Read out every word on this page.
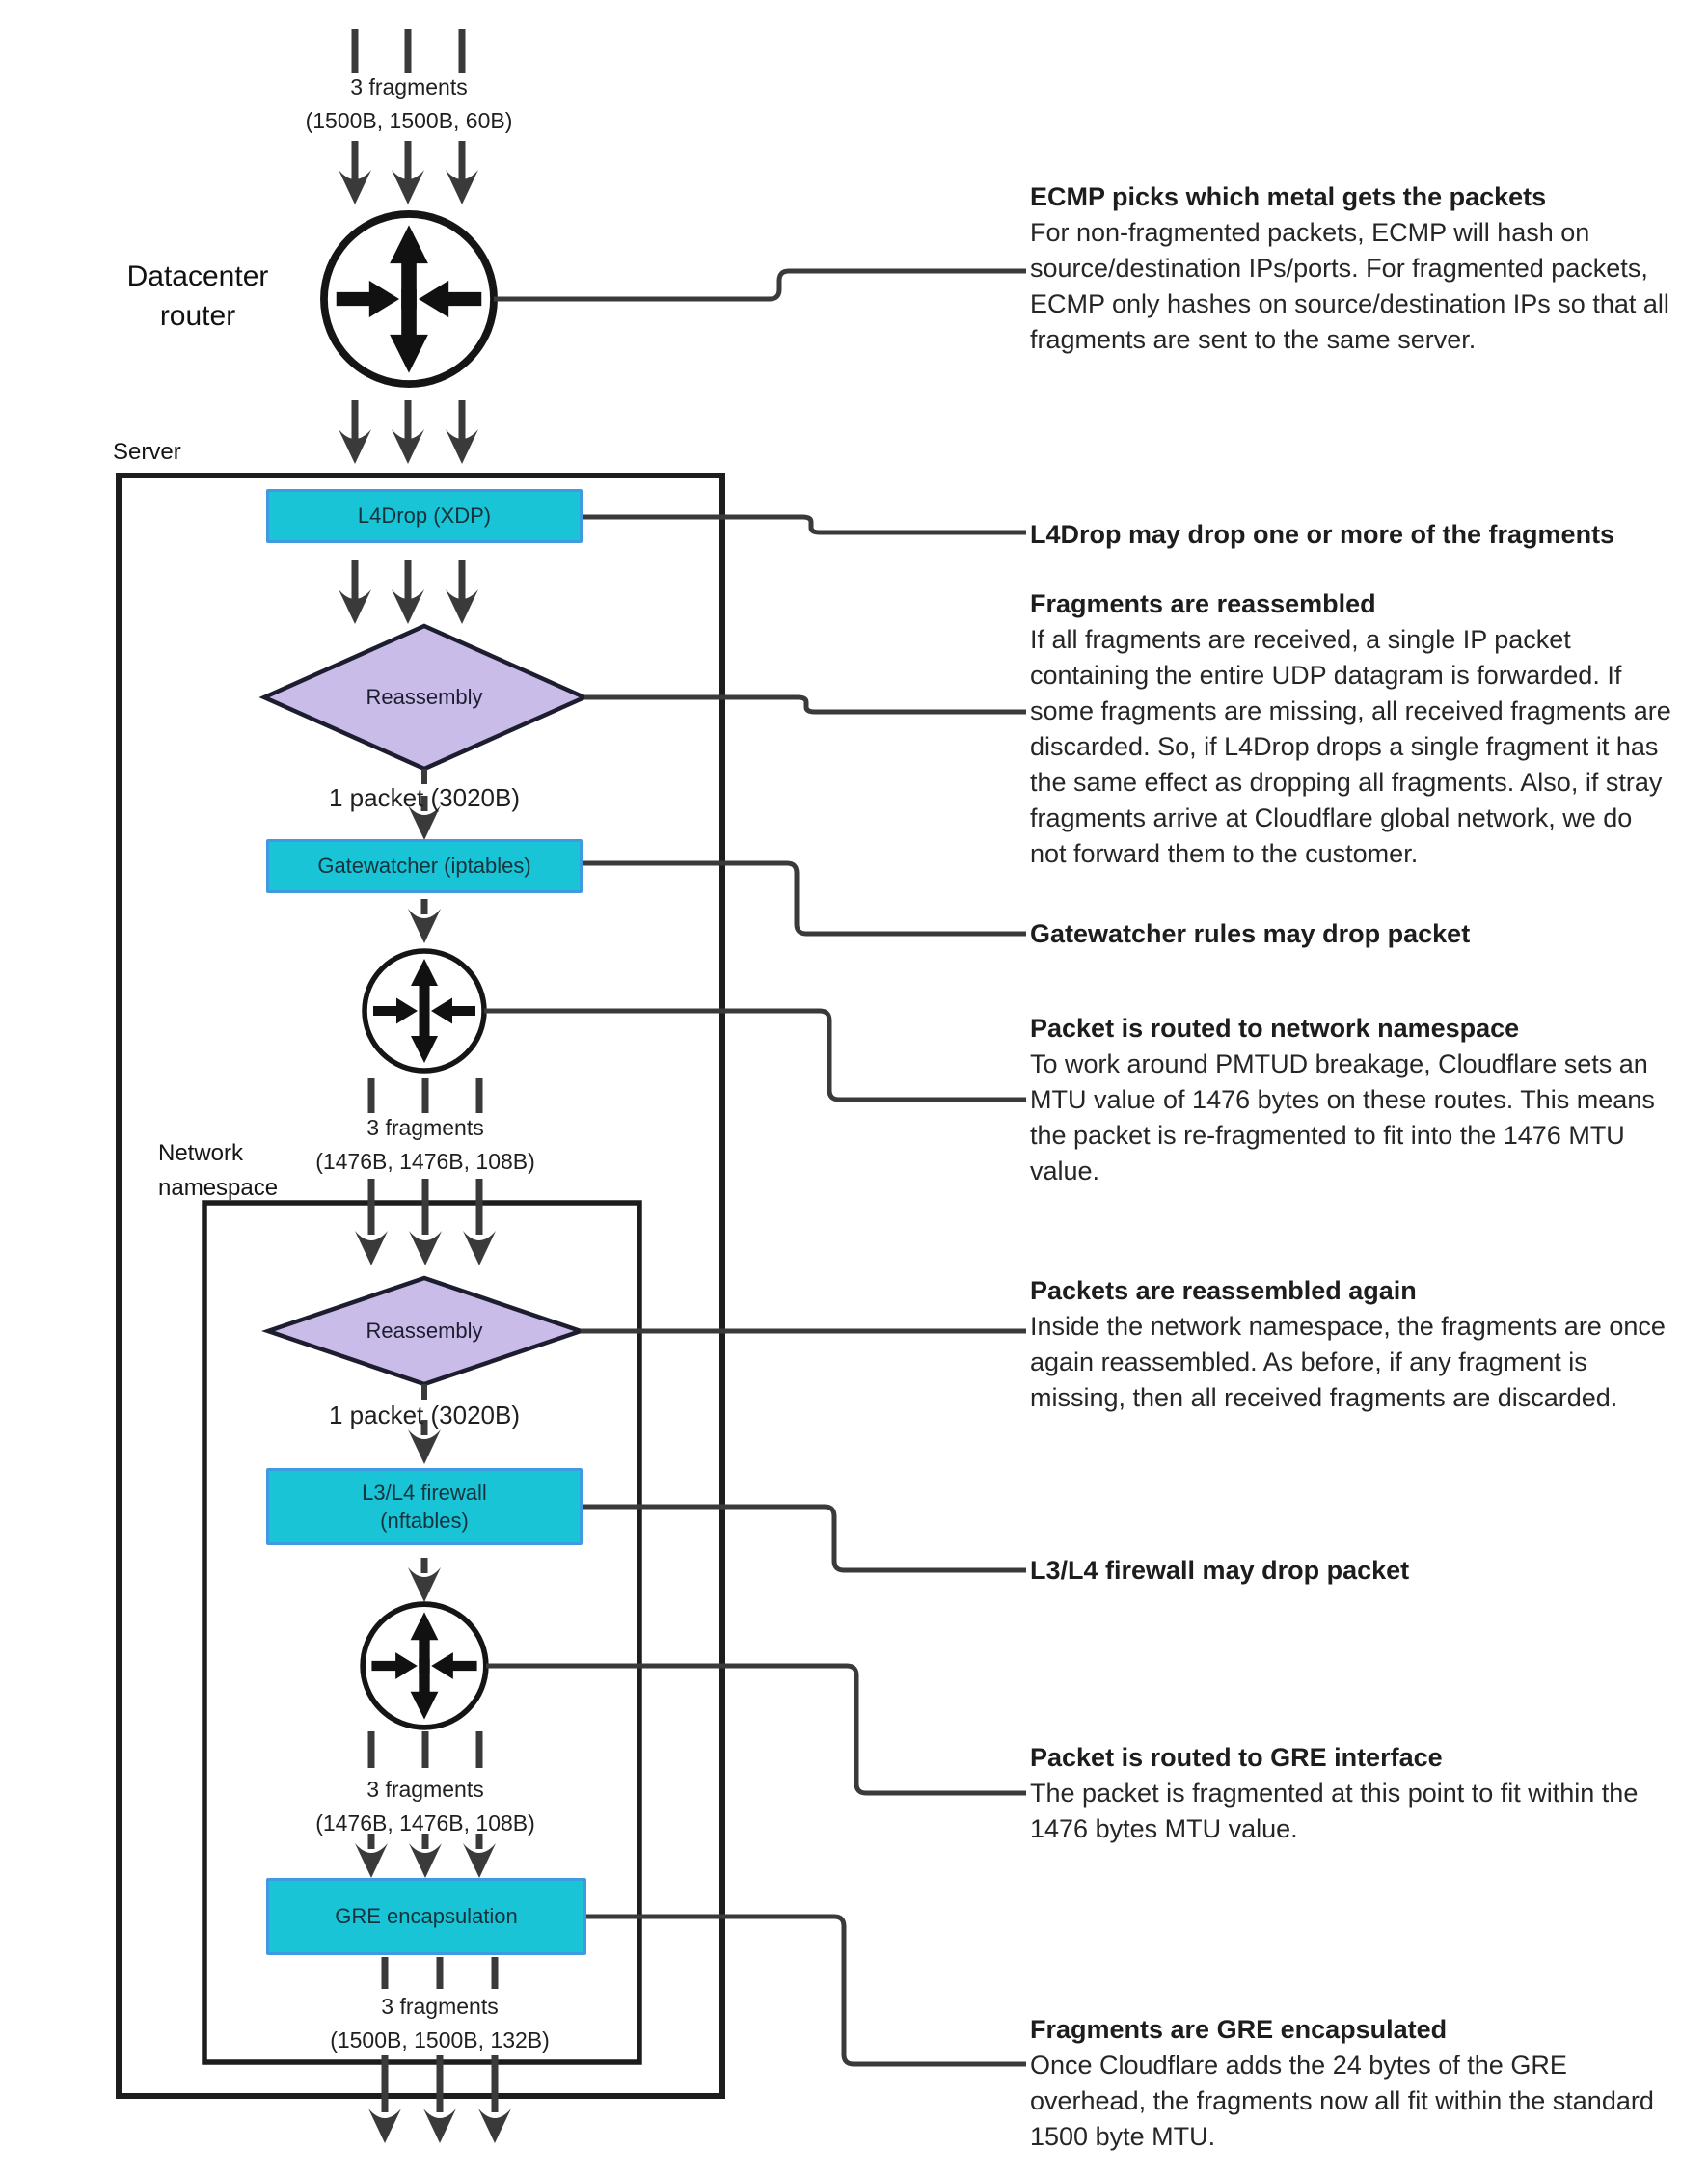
Datacenter router
Server
Network namespace
3 fragments
(1500B, 1500B, 60B)
1 packet (3020B)
3 fragments
(1476B, 1476B, 108B)
1 packet (3020B)
3 fragments
(1476B, 1476B, 108B)
3 fragments
(1500B, 1500B, 132B)
L4Drop (XDP)
Reassembly
Gatewatcher (iptables)
Reassembly
L3/L4 firewall
(nftables)
GRE encapsulation
ECMP picks which metal gets the packets
For non-fragmented packets, ECMP will hash on source/destination IPs/ports. For fragmented packets, ECMP only hashes on source/destination IPs so that all fragments are sent to the same server.
L4Drop may drop one or more of the fragments
Fragments are reassembled
If all fragments are received, a single IP packet containing the entire UDP datagram is forwarded. If some fragments are missing, all received fragments are discarded. So, if L4Drop drops a single fragment it has the same effect as dropping all fragments. Also, if stray fragments arrive at Cloudflare global network, we do not forward them to the customer.
Gatewatcher rules may drop packet
Packet is routed to network namespace
To work around PMTUD breakage, Cloudflare sets an MTU value of 1476 bytes on these routes. This means the packet is re-fragmented to fit into the 1476 MTU value.
Packets are reassembled again
Inside the network namespace, the fragments are once again reassembled. As before, if any fragment is missing, then all received fragments are discarded.
L3/L4 firewall may drop packet
Packet is routed to GRE interface
The packet is fragmented at this point to fit within the 1476 bytes MTU value.
Fragments are GRE encapsulated
Once Cloudflare adds the 24 bytes of the GRE overhead, the fragments now all fit within the standard 1500 byte MTU.
